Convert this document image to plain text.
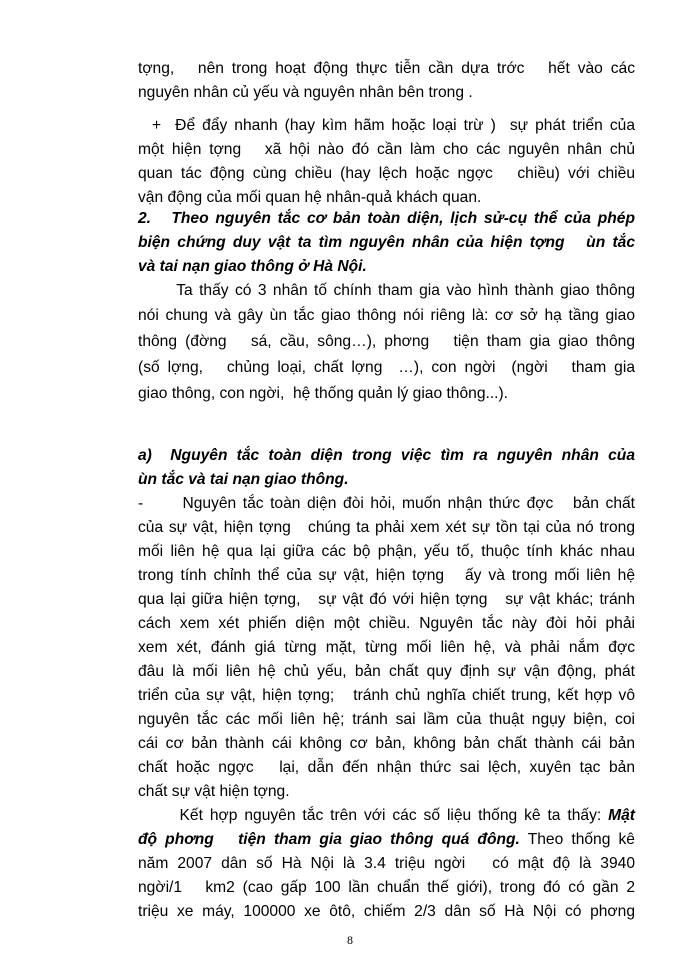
tợng,   nên trong hoạt động thực tiễn cần dựa trớc   hết vào các
nguyên nhân củ yếu và nguyên nhân bên trong .
+  Để đẩy nhanh (hay kìm hãm hoặc loại trừ )  sự phát triển của
một hiện tợng   xã hội nào đó cần làm cho các nguyên nhân chủ
quan tác động cùng chiều (hay lệch hoặc ngợc   chiều) với chiều
vận động của mối quan hệ nhân-quả khách quan.
2.   Theo nguyên tắc cơ bản toàn diện, lịch sử-cụ thể của phép
biện chứng duy vật ta tìm nguyên nhân của hiện tợng   ùn tắc
và tai nạn giao thông ở Hà Nội.
Ta thấy có 3 nhân tố chính tham gia vào hình thành giao thông
nói chung và gây ùn tắc giao thông nói riêng là: cơ sở hạ tầng giao
thông (đờng   sá, cầu, sông…), phơng   tiện tham gia giao thông
(số lợng,   chủng loại, chất lợng  …), con ngời  (ngời   tham gia
giao thông, con ngời,  hệ thống quản lý giao thông...).
a)  Nguyên tắc toàn diện trong việc tìm ra nguyên nhân của
ùn tắc và tai nạn giao thông.
-      Nguyên tắc toàn diện đòi hỏi, muốn nhận thức đợc   bản chất
của sự vật, hiện tợng   chúng ta phải xem xét sự tồn tại của nó trong
mối liên hệ qua lại giữa các bộ phận, yếu tố, thuộc tính khác nhau
trong tính chỉnh thể của sự vật, hiện tợng   ấy và trong mối liên hệ
qua lại giữa hiện tợng,   sự vật đó với hiện tợng   sự vật khác; tránh
cách xem xét phiến diện một chiều. Nguyên tắc này đòi hỏi phải
xem xét, đánh giá từng mặt, từng mối liên hệ, và phải nắm đợc
đâu là mối liên hệ chủ yếu, bản chất quy định sự vận động, phát
triển của sự vật, hiện tợng;   tránh chủ nghĩa chiết trung, kết hợp vô
nguyên tắc các mối liên hệ; tránh sai lầm của thuật ngụy biện, coi
cái cơ bản thành cái không cơ bản, không bản chất thành cái bản
chất hoặc ngợc   lại, dẫn đến nhận thức sai lệch, xuyên tạc bản
chất sự vật hiện tợng.
Kết hợp nguyên tắc trên với các số liệu thống kê ta thấy: Mật
độ phơng   tiện tham gia giao thông quá đông. Theo thống kê
năm 2007 dân số Hà Nội là 3.4 triệu ngời   có mật độ là 3940
ngời/1   km2 (cao gấp 100 lần chuẩn thế giới), trong đó có gần 2
triệu xe máy, 100000 xe ôtô, chiếm 2/3 dân số Hà Nội có phơng
8
